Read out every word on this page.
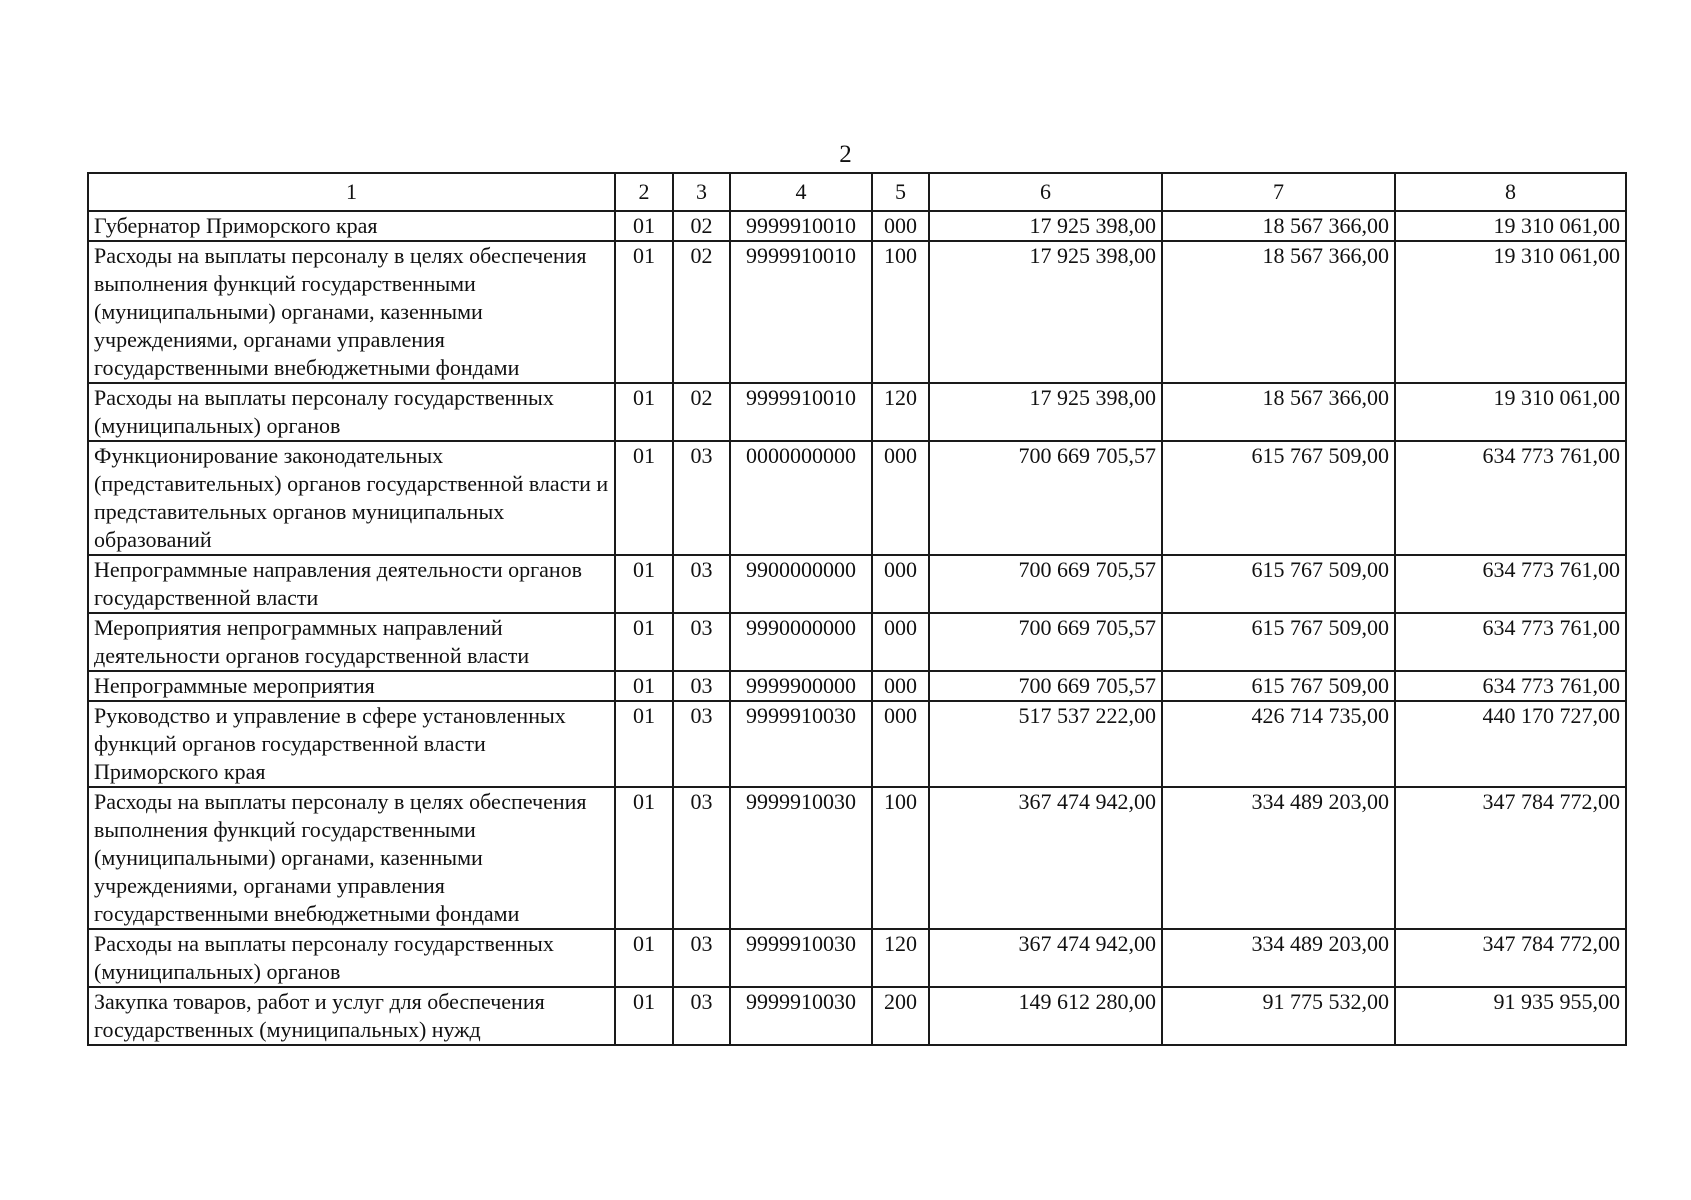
2
1	2	3	4	5	6	7	8
Губернатор Приморского края	01	02	9999910010	000	17 925 398,00	18 567 366,00	19 310 061,00
Расходы на выплаты персоналу в целях обеспечения выполнения функций государственными (муниципальными) органами, казенными учреждениями, органами управления государственными внебюджетными фондами	01	02	9999910010	100	17 925 398,00	18 567 366,00	19 310 061,00
Расходы на выплаты персоналу государственных (муниципальных) органов	01	02	9999910010	120	17 925 398,00	18 567 366,00	19 310 061,00
Функционирование законодательных (представительных) органов государственной власти и представительных органов муниципальных образований	01	03	0000000000	000	700 669 705,57	615 767 509,00	634 773 761,00
Непрограммные направления деятельности органов государственной власти	01	03	9900000000	000	700 669 705,57	615 767 509,00	634 773 761,00
Мероприятия непрограммных направлений деятельности органов государственной власти	01	03	9990000000	000	700 669 705,57	615 767 509,00	634 773 761,00
Непрограммные мероприятия	01	03	9999900000	000	700 669 705,57	615 767 509,00	634 773 761,00
Руководство и управление в сфере установленных функций органов государственной власти Приморского края	01	03	9999910030	000	517 537 222,00	426 714 735,00	440 170 727,00
Расходы на выплаты персоналу в целях обеспечения выполнения функций государственными (муниципальными) органами, казенными учреждениями, органами управления государственными внебюджетными фондами	01	03	9999910030	100	367 474 942,00	334 489 203,00	347 784 772,00
Расходы на выплаты персоналу государственных (муниципальных) органов	01	03	9999910030	120	367 474 942,00	334 489 203,00	347 784 772,00
Закупка товаров, работ и услуг для обеспечения государственных (муниципальных) нужд	01	03	9999910030	200	149 612 280,00	91 775 532,00	91 935 955,00
